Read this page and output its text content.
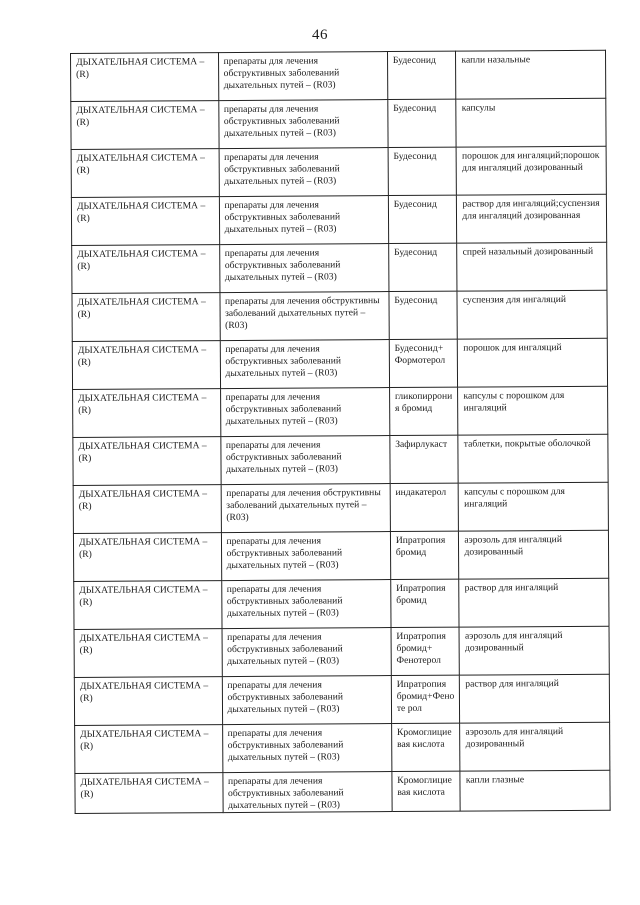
46
ДЫХАТЕЛЬНАЯ СИСТЕМА – (R)	препараты для лечения обструктивных заболеваний дыхательных путей – (R03)	Будесонид	капли назальные
ДЫХАТЕЛЬНАЯ СИСТЕМА – (R)	препараты для лечения обструктивных заболеваний дыхательных путей – (R03)	Будесонид	капсулы
ДЫХАТЕЛЬНАЯ СИСТЕМА – (R)	препараты для лечения обструктивных заболеваний дыхательных путей – (R03)	Будесонид	порошок для ингаляций;порошок для ингаляций дозированный
ДЫХАТЕЛЬНАЯ СИСТЕМА – (R)	препараты для лечения обструктивных заболеваний дыхательных путей – (R03)	Будесонид	раствор для ингаляций;суспензия для ингаляций дозированная
ДЫХАТЕЛЬНАЯ СИСТЕМА – (R)	препараты для лечения обструктивных заболеваний дыхательных путей – (R03)	Будесонид	спрей назальный дозированный
ДЫХАТЕЛЬНАЯ СИСТЕМА – (R)	препараты для лечения обструктивны заболеваний дыхательных путей – (R03)	Будесонид	суспензия для ингаляций
ДЫХАТЕЛЬНАЯ СИСТЕМА – (R)	препараты для лечения обструктивных заболеваний дыхательных путей – (R03)	Будесонид+ Формотерол	порошок для ингаляций
ДЫХАТЕЛЬНАЯ СИСТЕМА – (R)	препараты для лечения обструктивных заболеваний дыхательных путей – (R03)	гликопиррония бромид	капсулы с порошком для ингаляций
ДЫХАТЕЛЬНАЯ СИСТЕМА – (R)	препараты для лечения обструктивных заболеваний дыхательных путей – (R03)	Зафирлукаст	таблетки, покрытые оболочкой
ДЫХАТЕЛЬНАЯ СИСТЕМА – (R)	препараты для лечения обструктивны заболеваний дыхательных путей – (R03)	индакатерол	капсулы с порошком для ингаляций
ДЫХАТЕЛЬНАЯ СИСТЕМА – (R)	препараты для лечения обструктивных заболеваний дыхательных путей – (R03)	Ипратропия бромид	аэрозоль для ингаляций дозированный
ДЫХАТЕЛЬНАЯ СИСТЕМА – (R)	препараты для лечения обструктивных заболеваний дыхательных путей – (R03)	Ипратропия бромид	раствор для ингаляций
ДЫХАТЕЛЬНАЯ СИСТЕМА – (R)	препараты для лечения обструктивных заболеваний дыхательных путей – (R03)	Ипратропия бромид+ Фенотерол	аэрозоль для ингаляций дозированный
ДЫХАТЕЛЬНАЯ СИСТЕМА – (R)	препараты для лечения обструктивных заболеваний дыхательных путей – (R03)	Ипратропия бромид+Феноте рол	раствор для ингаляций
ДЫХАТЕЛЬНАЯ СИСТЕМА – (R)	препараты для лечения обструктивных заболеваний дыхательных путей – (R03)	Кромоглициевая кислота	аэрозоль для ингаляций дозированный
ДЫХАТЕЛЬНАЯ СИСТЕМА – (R)	препараты для лечения обструктивных заболеваний дыхательных путей – (R03)	Кромоглициевая кислота	капли глазные
